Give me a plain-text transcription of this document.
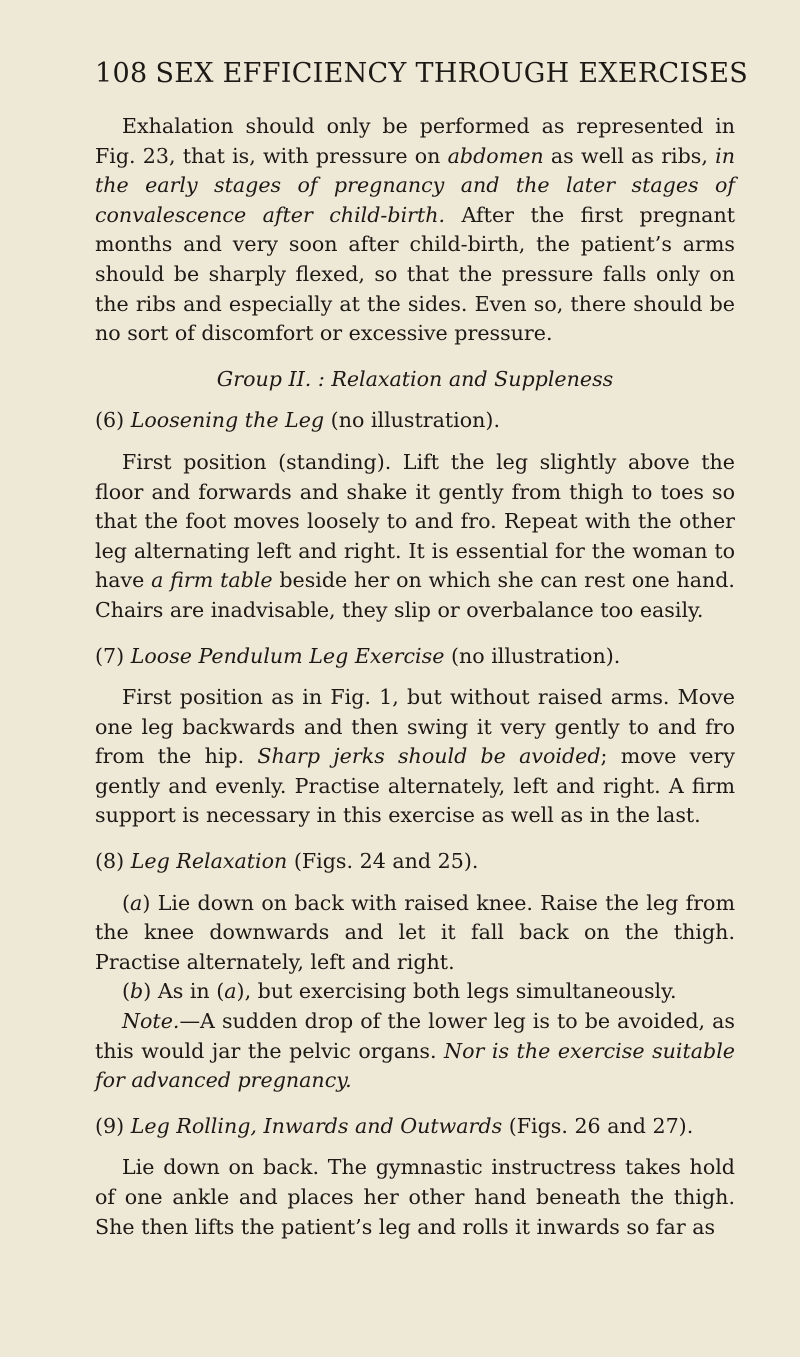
108 SEX EFFICIENCY THROUGH EXERCISES

Exhalation should only be performed as represented in Fig. 23, that is, with pressure on abdomen as well as ribs, in the early stages of pregnancy and the later stages of convalescence after child-birth. After the first pregnant months and very soon after child-birth, the patient’s arms should be sharply flexed, so that the pressure falls only on the ribs and especially at the sides. Even so, there should be no sort of discomfort or excessive pressure.

Group II. : Relaxation and Suppleness

(6) Loosening the Leg (no illustration).

First position (standing). Lift the leg slightly above the floor and forwards and shake it gently from thigh to toes so that the foot moves loosely to and fro. Repeat with the other leg alternating left and right. It is essential for the woman to have a firm table beside her on which she can rest one hand. Chairs are inadvisable, they slip or overbalance too easily.

(7) Loose Pendulum Leg Exercise (no illustration).

First position as in Fig. 1, but without raised arms. Move one leg backwards and then swing it very gently to and fro from the hip. Sharp jerks should be avoided; move very gently and evenly. Practise alternately, left and right. A firm support is necessary in this exercise as well as in the last.

(8) Leg Relaxation (Figs. 24 and 25).

(a) Lie down on back with raised knee. Raise the leg from the knee downwards and let it fall back on the thigh. Practise alternately, left and right.

(b) As in (a), but exercising both legs simultaneously.

Note.—A sudden drop of the lower leg is to be avoided, as this would jar the pelvic organs. Nor is the exercise suitable for advanced pregnancy.

(9) Leg Rolling, Inwards and Outwards (Figs. 26 and 27).

Lie down on back. The gymnastic instructress takes hold of one ankle and places her other hand beneath the thigh. She then lifts the patient’s leg and rolls it inwards so far as
